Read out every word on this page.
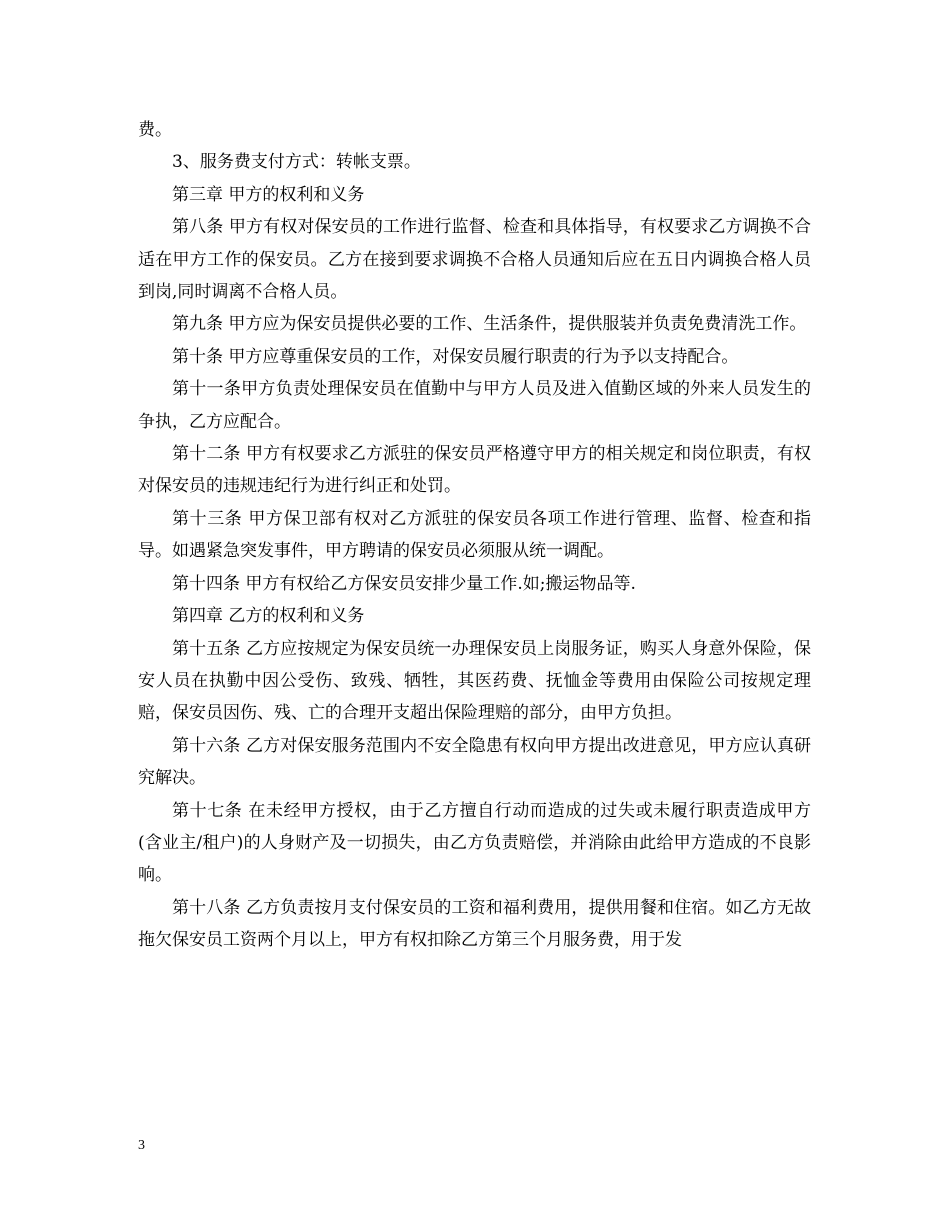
费。

3、服务费支付方式：转帐支票。

第三章 甲方的权利和义务

第八条 甲方有权对保安员的工作进行监督、检查和具体指导，有权要求乙方调换不合适在甲方工作的保安员。乙方在接到要求调换不合格人员通知后应在五日内调换合格人员到岗,同时调离不合格人员。

第九条 甲方应为保安员提供必要的工作、生活条件，提供服装并负责免费清洗工作。

第十条 甲方应尊重保安员的工作，对保安员履行职责的行为予以支持配合。

第十一条甲方负责处理保安员在值勤中与甲方人员及进入值勤区域的外来人员发生的争执，乙方应配合。

第十二条 甲方有权要求乙方派驻的保安员严格遵守甲方的相关规定和岗位职责，有权对保安员的违规违纪行为进行纠正和处罚。

第十三条 甲方保卫部有权对乙方派驻的保安员各项工作进行管理、监督、检查和指导。如遇紧急突发事件，甲方聘请的保安员必须服从统一调配。

第十四条 甲方有权给乙方保安员安排少量工作.如;搬运物品等.

第四章 乙方的权利和义务

第十五条 乙方应按规定为保安员统一办理保安员上岗服务证，购买人身意外保险，保安人员在执勤中因公受伤、致残、牺牲，其医药费、抚恤金等费用由保险公司按规定理赔，保安员因伤、残、亡的合理开支超出保险理赔的部分，由甲方负担。

第十六条 乙方对保安服务范围内不安全隐患有权向甲方提出改进意见，甲方应认真研究解决。

第十七条 在未经甲方授权，由于乙方擅自行动而造成的过失或未履行职责造成甲方(含业主/租户)的人身财产及一切损失，由乙方负责赔偿，并消除由此给甲方造成的不良影响。

第十八条 乙方负责按月支付保安员的工资和福利费用，提供用餐和住宿。如乙方无故拖欠保安员工资两个月以上，甲方有权扣除乙方第三个月服务费，用于发

3
